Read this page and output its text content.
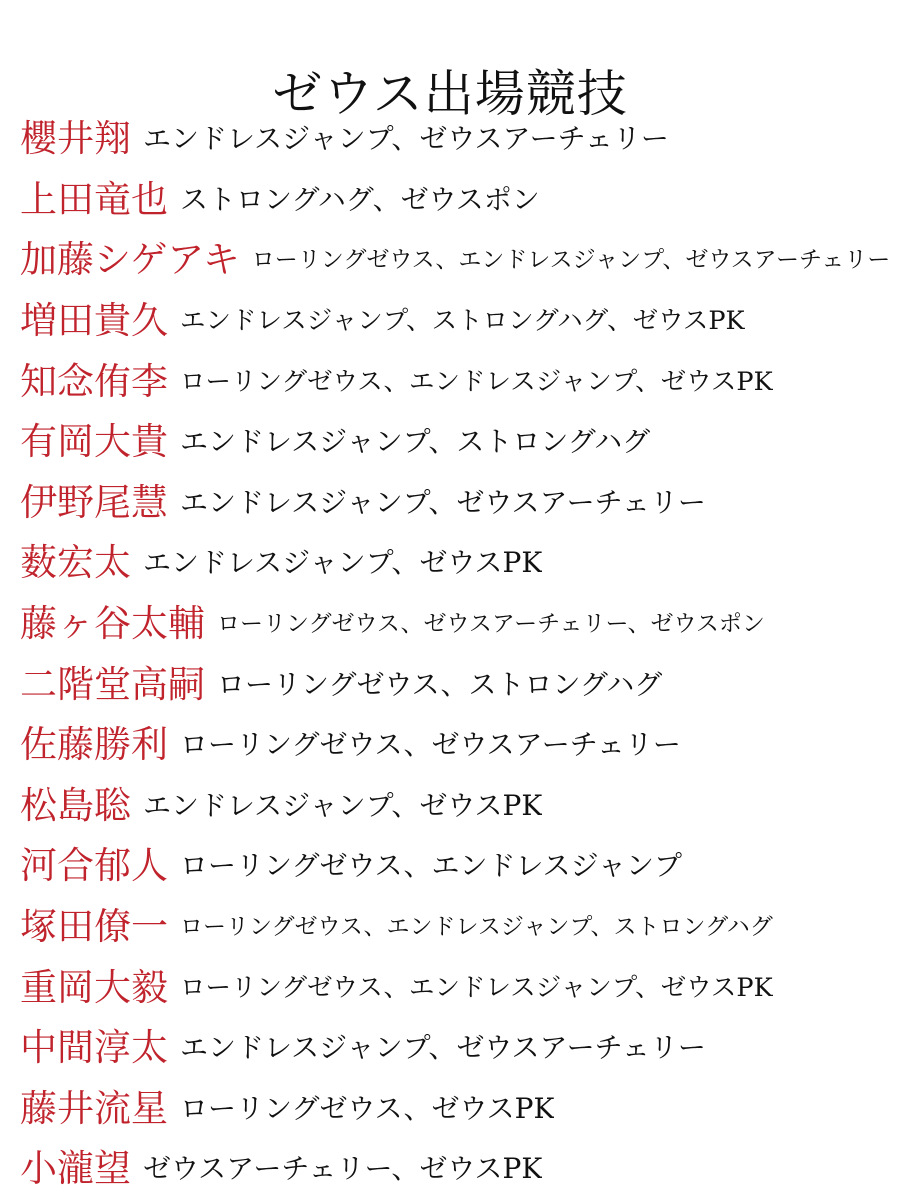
ゼウス出場競技
櫻井翔 エンドレスジャンプ、ゼウスアーチェリー
上田竜也 ストロングハグ、ゼウスポン
加藤シゲアキ ローリングゼウス、エンドレスジャンプ、ゼウスアーチェリー
増田貴久 エンドレスジャンプ、ストロングハグ、ゼウスPK
知念侑李 ローリングゼウス、エンドレスジャンプ、ゼウスPK
有岡大貴 エンドレスジャンプ、ストロングハグ
伊野尾慧 エンドレスジャンプ、ゼウスアーチェリー
薮宏太 エンドレスジャンプ、ゼウスPK
藤ヶ谷太輔 ローリングゼウス、ゼウスアーチェリー、ゼウスポン
二階堂高嗣 ローリングゼウス、ストロングハグ
佐藤勝利 ローリングゼウス、ゼウスアーチェリー
松島聡 エンドレスジャンプ、ゼウスPK
河合郁人 ローリングゼウス、エンドレスジャンプ
塚田僚一 ローリングゼウス、エンドレスジャンプ、ストロングハグ
重岡大毅 ローリングゼウス、エンドレスジャンプ、ゼウスPK
中間淳太 エンドレスジャンプ、ゼウスアーチェリー
藤井流星 ローリングゼウス、ゼウスPK
小瀧望 ゼウスアーチェリー、ゼウスPK
